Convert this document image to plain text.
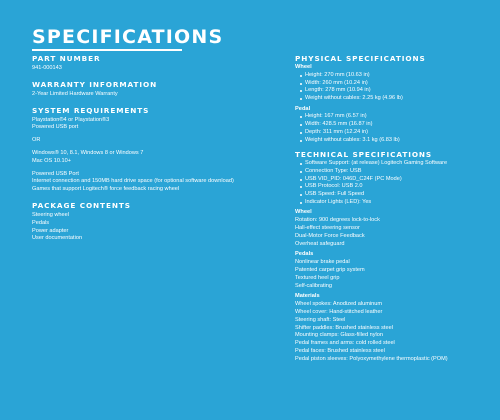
SPECIFICATIONS

PART NUMBER

941-000143

WARRANTY INFORMATION

2-Year Limited Hardware Warranty

SYSTEM REQUIREMENTS

Playstation®4 or Playstation®3

Powered USB port

OR

Windows® 10, 8.1, Windows 8 or Windows 7

Mac OS 10.10+

Powered USB Port

Internet connection and 150MB hard drive space (for optional software download)

Games that support Logitech® force feedback racing wheel

PACKAGE CONTENTS

Steering wheel

Pedals

Power adapter

User documentation

PHYSICAL SPECIFICATIONS

Wheel

Height: 270 mm (10.63 in)
Width: 260 mm (10.24 in)
Length: 278 mm (10.94 in)
Weight without cables: 2.25 kg (4.96 lb)

Pedal

Height: 167 mm (6.57 in)
Width: 428.5 mm (16.87 in)
Depth: 311 mm (12.24 in)
Weight without cables: 3.1 kg (6.83 lb)

TECHNICAL SPECIFICATIONS

Software Support: (at release) Logitech Gaming Software
Connection Type: USB
USB VID_PID: 046D_C24F (PC Mode)
USB Protocol: USB 2.0
USB Speed: Full Speed
Indicator Lights (LED): Yes

Wheel

Rotation: 900 degrees lock-to-lock

Hall-effect steering sensor

Dual-Motor Force Feedback

Overheat safeguard

Pedals

Nonlinear brake pedal

Patented carpet grip system

Textured heel grip

Self-calibrating

Materials

Wheel spokes: Anodized aluminum

Wheel cover: Hand-stitched leather

Steering shaft: Steel

Shifter paddles: Brushed stainless steel

Mounting clamps: Glass-filled nylon

Pedal frames and arms: cold rolled steel

Pedal faces: Brushed stainless steel

Pedal piston sleeves: Polyoxymethylene thermoplastic (POM)
